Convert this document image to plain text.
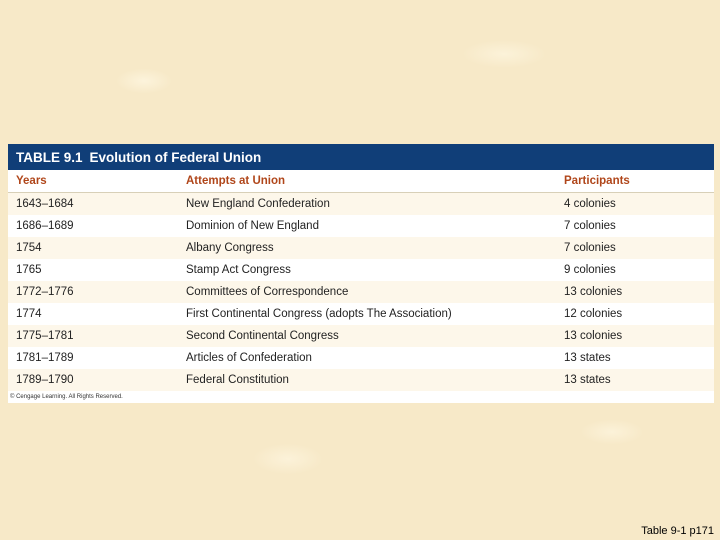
TABLE 9.1 Evolution of Federal Union
Years	Attempts at Union	Participants
1643–1684	New England Confederation	4 colonies
1686–1689	Dominion of New England	7 colonies
1754	Albany Congress	7 colonies
1765	Stamp Act Congress	9 colonies
1772–1776	Committees of Correspondence	13 colonies
1774	First Continental Congress (adopts The Association)	12 colonies
1775–1781	Second Continental Congress	13 colonies
1781–1789	Articles of Confederation	13 states
1789–1790	Federal Constitution	13 states
© Cengage Learning. All Rights Reserved.
Table 9-1 p171
